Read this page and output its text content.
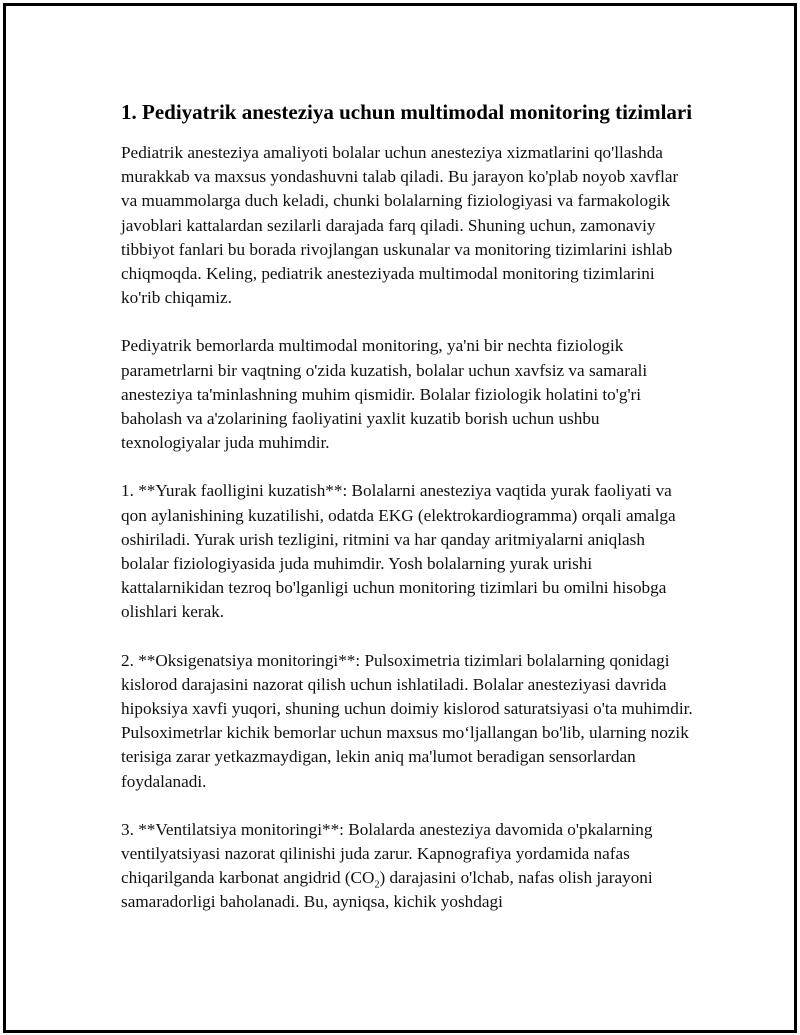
1. Pediyatrik anesteziya uchun multimodal monitoring tizimlari

Pediatrik anesteziya amaliyoti bolalar uchun anesteziya xizmatlarini qo'llashda murakkab va maxsus yondashuvni talab qiladi. Bu jarayon ko'plab noyob xavflar va muammolarga duch keladi, chunki bolalarning fiziologiyasi va farmakologik javoblari kattalardan sezilarli darajada farq qiladi. Shuning uchun, zamonaviy tibbiyot fanlari bu borada rivojlangan uskunalar va monitoring tizimlarini ishlab chiqmoqda. Keling, pediatrik anesteziyada multimodal monitoring tizimlarini ko'rib chiqamiz.

Pediyatrik bemorlarda multimodal monitoring, ya'ni bir nechta fiziologik parametrlarni bir vaqtning o'zida kuzatish, bolalar uchun xavfsiz va samarali anesteziya ta'minlashning muhim qismidir. Bolalar fiziologik holatini to'g'ri baholash va a'zolarining faoliyatini yaxlit kuzatib borish uchun ushbu texnologiyalar juda muhimdir.

1. **Yurak faolligini kuzatish**: Bolalarni anesteziya vaqtida yurak faoliyati va qon aylanishining kuzatilishi, odatda EKG (elektrokardiogramma) orqali amalga oshiriladi. Yurak urish tezligini, ritmini va har qanday aritmiyalarni aniqlash bolalar fiziologiyasida juda muhimdir. Yosh bolalarning yurak urishi kattalarnikidan tezroq bo'lganligi uchun monitoring tizimlari bu omilni hisobga olishlari kerak.

2. **Oksigenatsiya monitoringi**: Pulsoximetria tizimlari bolalarning qonidagi kislorod darajasini nazorat qilish uchun ishlatiladi. Bolalar anesteziyasi davrida hipoksiya xavfi yuqori, shuning uchun doimiy kislorod saturatsiyasi o'ta muhimdir. Pulsoximetrlar kichik bemorlar uchun maxsus moʻljallangan bo'lib, ularning nozik terisiga zarar yetkazmaydigan, lekin aniq ma'lumot beradigan sensorlardan foydalanadi.

3. **Ventilatsiya monitoringi**: Bolalarda anesteziya davomida o'pkalarning ventilyatsiyasi nazorat qilinishi juda zarur. Kapnografiya yordamida nafas chiqarilganda karbonat angidrid $(CO_2)$ darajasini o'lchab, nafas olish jarayoni samaradorligi baholanadi. Bu, ayniqsa, kichik yoshdagi
